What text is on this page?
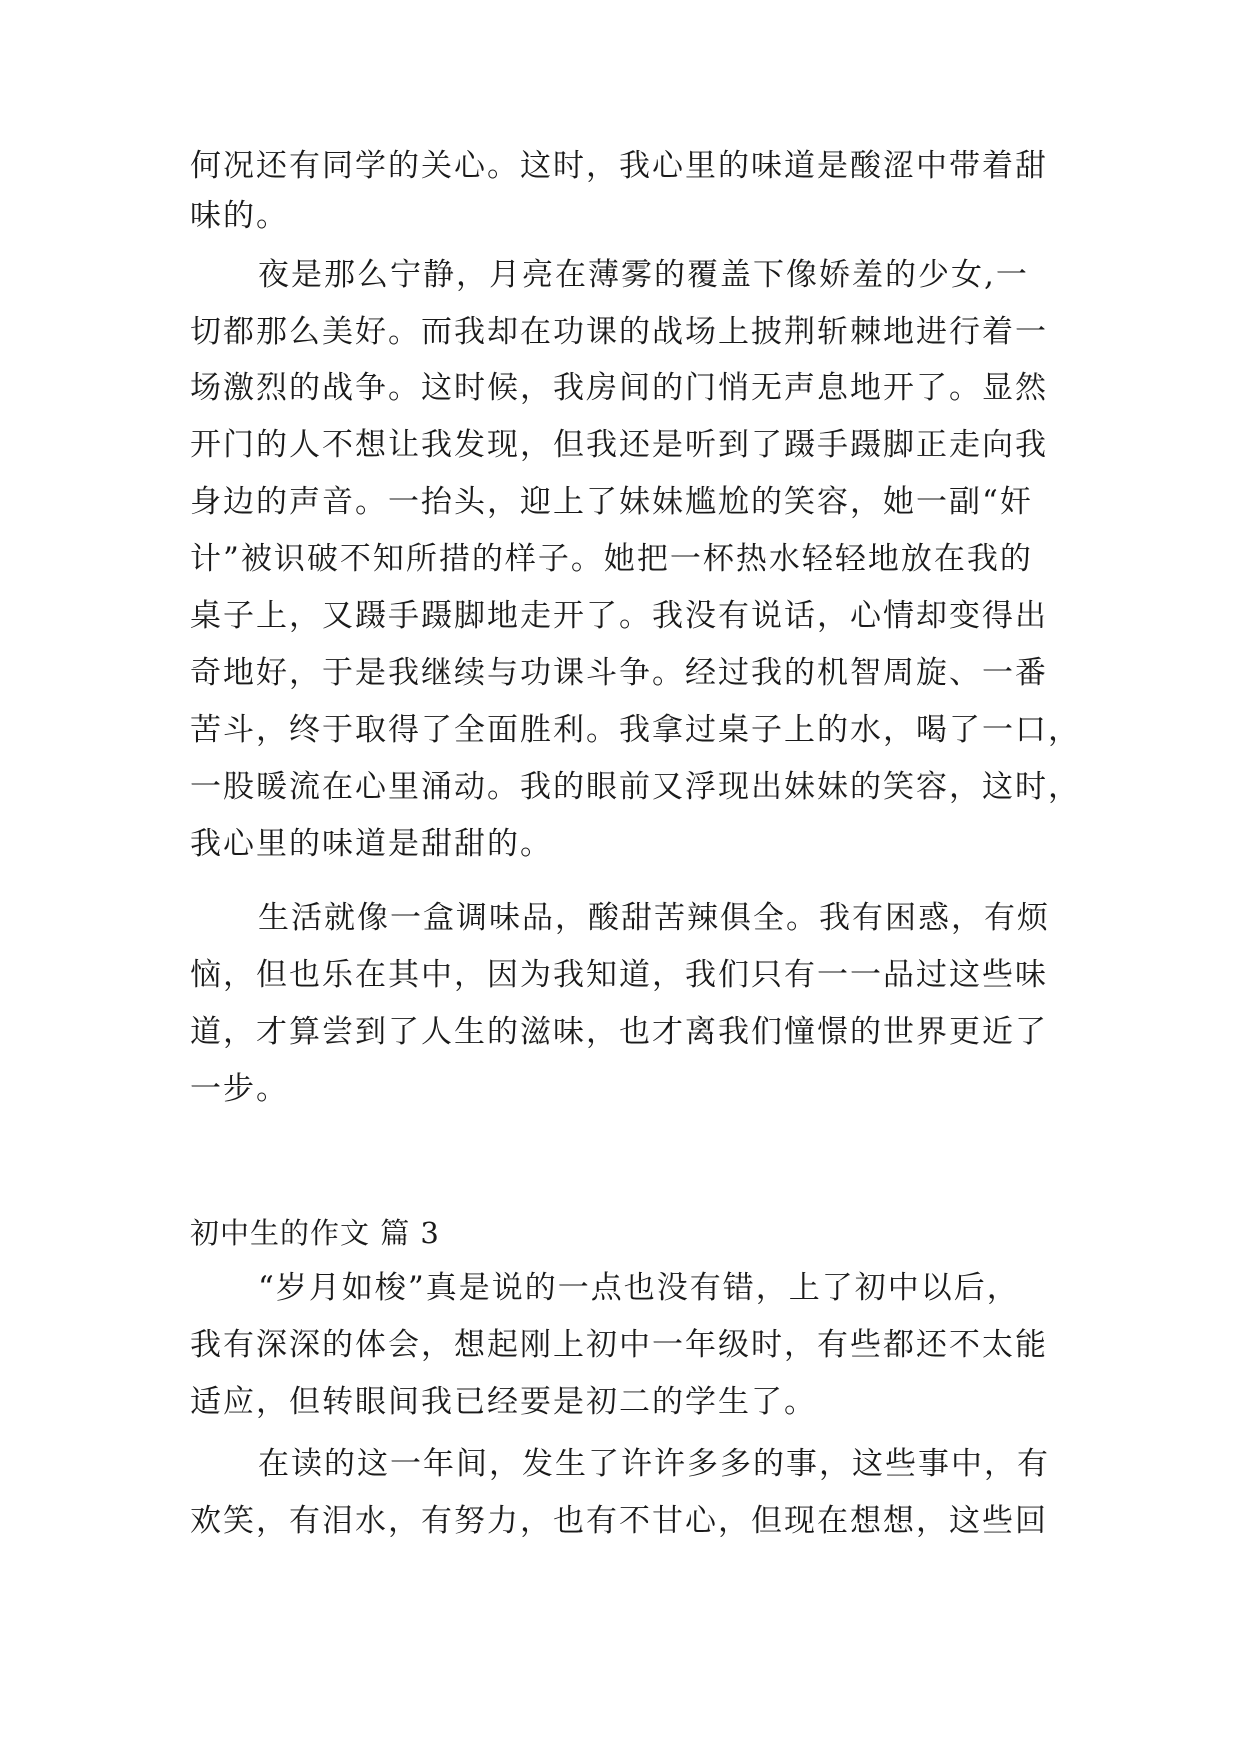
何况还有同学的关心。这时，我心里的味道是酸涩中带着甜
味的。
夜是那么宁静，月亮在薄雾的覆盖下像娇羞的少女,一
切都那么美好。而我却在功课的战场上披荆斩棘地进行着一
场激烈的战争。这时候，我房间的门悄无声息地开了。显然
开门的人不想让我发现，但我还是听到了蹑手蹑脚正走向我
身边的声音。一抬头，迎上了妹妹尴尬的笑容，她一副“奸
计”被识破不知所措的样子。她把一杯热水轻轻地放在我的
桌子上，又蹑手蹑脚地走开了。我没有说话，心情却变得出
奇地好，于是我继续与功课斗争。经过我的机智周旋、一番
苦斗，终于取得了全面胜利。我拿过桌子上的水，喝了一口，
一股暖流在心里涌动。我的眼前又浮现出妹妹的笑容，这时，
我心里的味道是甜甜的。
生活就像一盒调味品，酸甜苦辣俱全。我有困惑，有烦
恼，但也乐在其中，因为我知道，我们只有一一品过这些味
道，才算尝到了人生的滋味，也才离我们憧憬的世界更近了
一步。
初中生的作文 篇 3
“岁月如梭”真是说的一点也没有错，上了初中以后，
我有深深的体会，想起刚上初中一年级时，有些都还不太能
适应，但转眼间我已经要是初二的学生了。
在读的这一年间，发生了许许多多的事，这些事中，有
欢笑，有泪水，有努力，也有不甘心，但现在想想，这些回
